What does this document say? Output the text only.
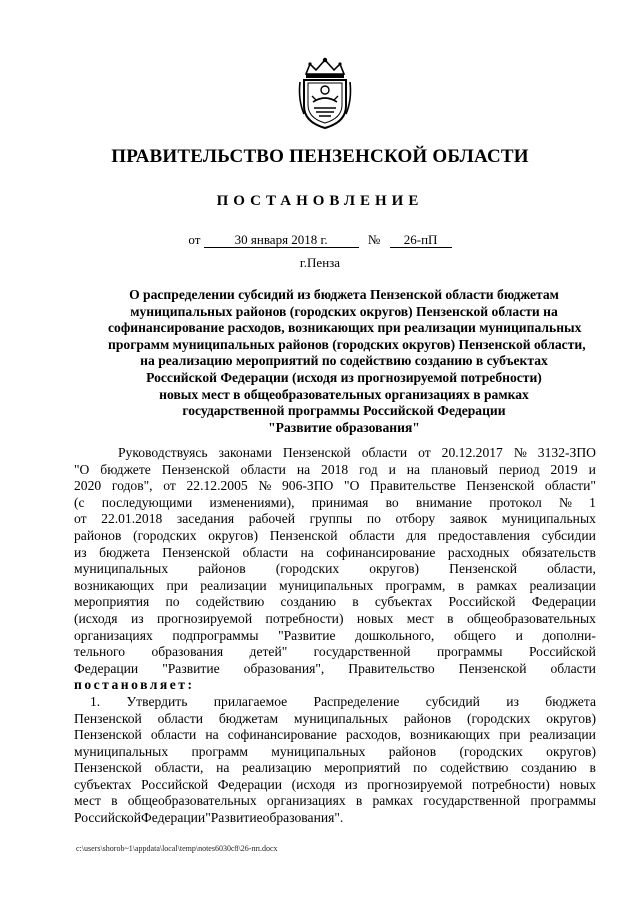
ПРАВИТЕЛЬСТВО ПЕНЗЕНСКОЙ ОБЛАСТИ
ПОСТАНОВЛЕНИЕ
от	30 января 2018 г.	№ 26-пП
г.Пенза
О распределении субсидий из бюджета Пензенской области бюджетам
муниципальных районов (городских округов) Пензенской области на
софинансирование расходов, возникающих при реализации муниципальных
программ муниципальных районов (городских округов) Пензенской области,
на реализацию мероприятий по содействию созданию в субъектах
Российской Федерации (исходя из прогнозируемой потребности)
новых мест в общеобразовательных организациях в рамках
государственной программы Российской Федерации
"Развитие образования"
Руководствуясь законами Пензенской области от 20.12.2017 № 3132-ЗПО
"О бюджете Пензенской области на 2018 год и на плановый период 2019 и
2020 годов", от 22.12.2005 № 906-ЗПО "О Правительстве Пензенской области"
(с последующими изменениями), принимая во внимание протокол № 1
от 22.01.2018 заседания рабочей группы по отбору заявок муниципальных
районов (городских округов) Пензенской области для предоставления субсидии
из бюджета Пензенской области на софинансирование расходных обязательств
муниципальных районов (городских округов) Пензенской области,
возникающих при реализации муниципальных программ, в рамках реализации
мероприятия по содействию созданию в субъектах Российской Федерации
(исходя из прогнозируемой потребности) новых мест в общеобразовательных
организациях подпрограммы "Развитие дошкольного, общего и дополни-
тельного образования детей" государственной программы Российской
Федерации "Развитие образования", Правительство Пензенской области
постановляет:
1. Утвердить прилагаемое Распределение субсидий из бюджета
Пензенской области бюджетам муниципальных районов (городских округов)
Пензенской области на софинансирование расходов, возникающих при реализации
муниципальных программ муниципальных районов (городских округов)
Пензенской области, на реализацию мероприятий по содействию созданию в
субъектах Российской Федерации (исходя из прогнозируемой потребности) новых
мест в общеобразовательных организациях в рамках государственной программы
Российской Федерации "Развитие образования".
c:\users\shorob~1\appdata\local\temp\notes6030c8\26-пп.docx
